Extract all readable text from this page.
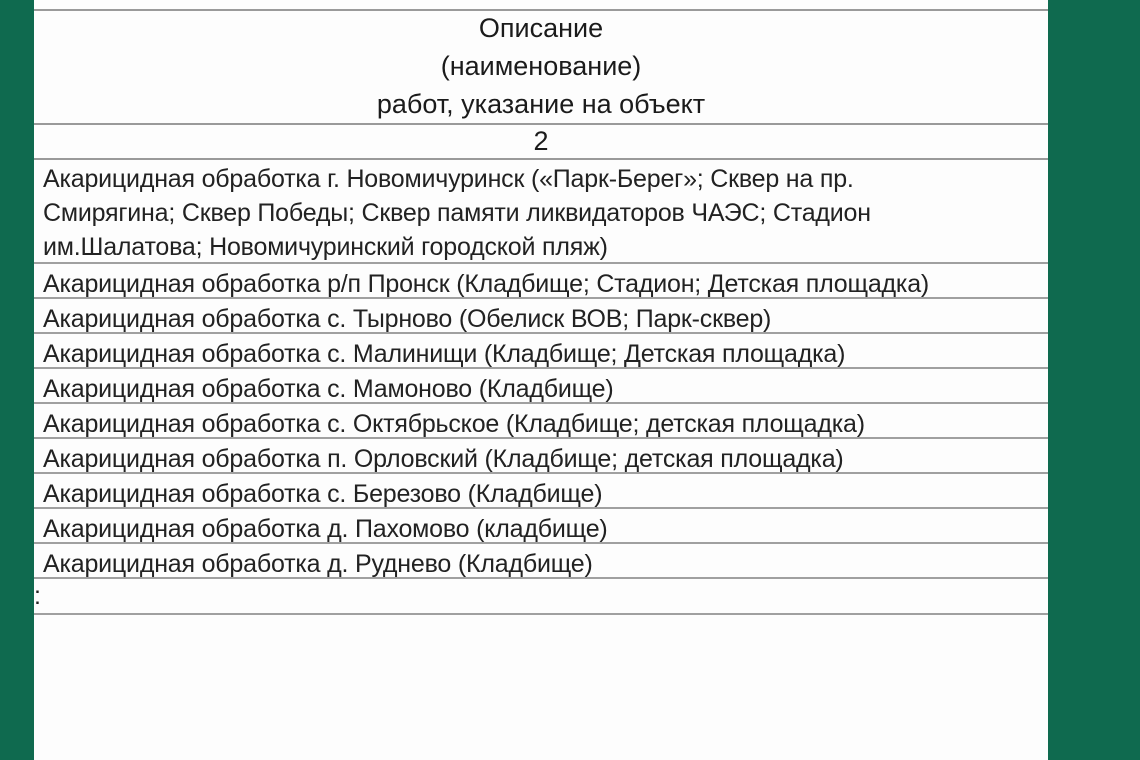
Описание
(наименование)
работ, указание на объект
2
Акарицидная обработка г. Новомичуринск («Парк-Берег»; Сквер на пр.
Смирягина; Сквер Победы; Сквер памяти ликвидаторов ЧАЭС; Стадион
им.Шалатова; Новомичуринский городской пляж)
Акарицидная обработка р/п Пронск (Кладбище; Стадион; Детская площадка)
Акарицидная обработка с. Тырново (Обелиск ВОВ; Парк-сквер)
Акарицидная обработка с. Малинищи (Кладбище; Детская площадка)
Акарицидная обработка с. Мамоново (Кладбище)
Акарицидная обработка с. Октябрьское (Кладбище; детская площадка)
Акарицидная обработка п. Орловский (Кладбище; детская площадка)
Акарицидная обработка с. Березово (Кладбище)
Акарицидная обработка д. Пахомово (кладбище)
Акарицидная обработка д. Руднево (Кладбище)
:
